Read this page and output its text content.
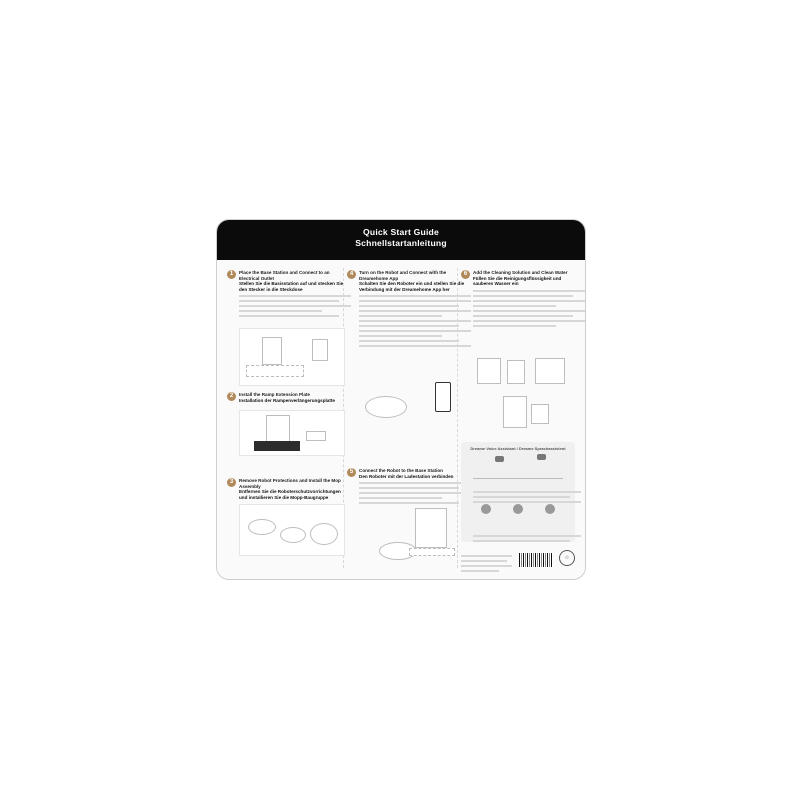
Quick Start Guide
Schnellstartanleitung
1	Place the Base Station and Connect to an Electrical Outlet
Stellen Sie die Basisstation auf und stecken Sie den Stecker in die Steckdose
2	Install the Ramp Extension Plate
Installation der Rampenverlängerungsplatte
3	Remove Robot Protections and Install the Mop Assembly
Entfernen Sie die Roboterschutzvorrichtungen und installieren Sie die Mopp-Baugruppe
4	Turn on the Robot and Connect with the Dreamehome App
Schalten Sie den Roboter ein und stellen Sie die Verbindung mit der Dreamehome App her
5	Connect the Robot to the Base Station
Den Roboter mit der Ladestation verbinden
6	Add the Cleaning Solution and Clean Water
Füllen Sie die Reinigungsflüssigkeit und sauberes Wasser ein
Dreame Voice Assistant / Dreame Sprachassistent

♲
